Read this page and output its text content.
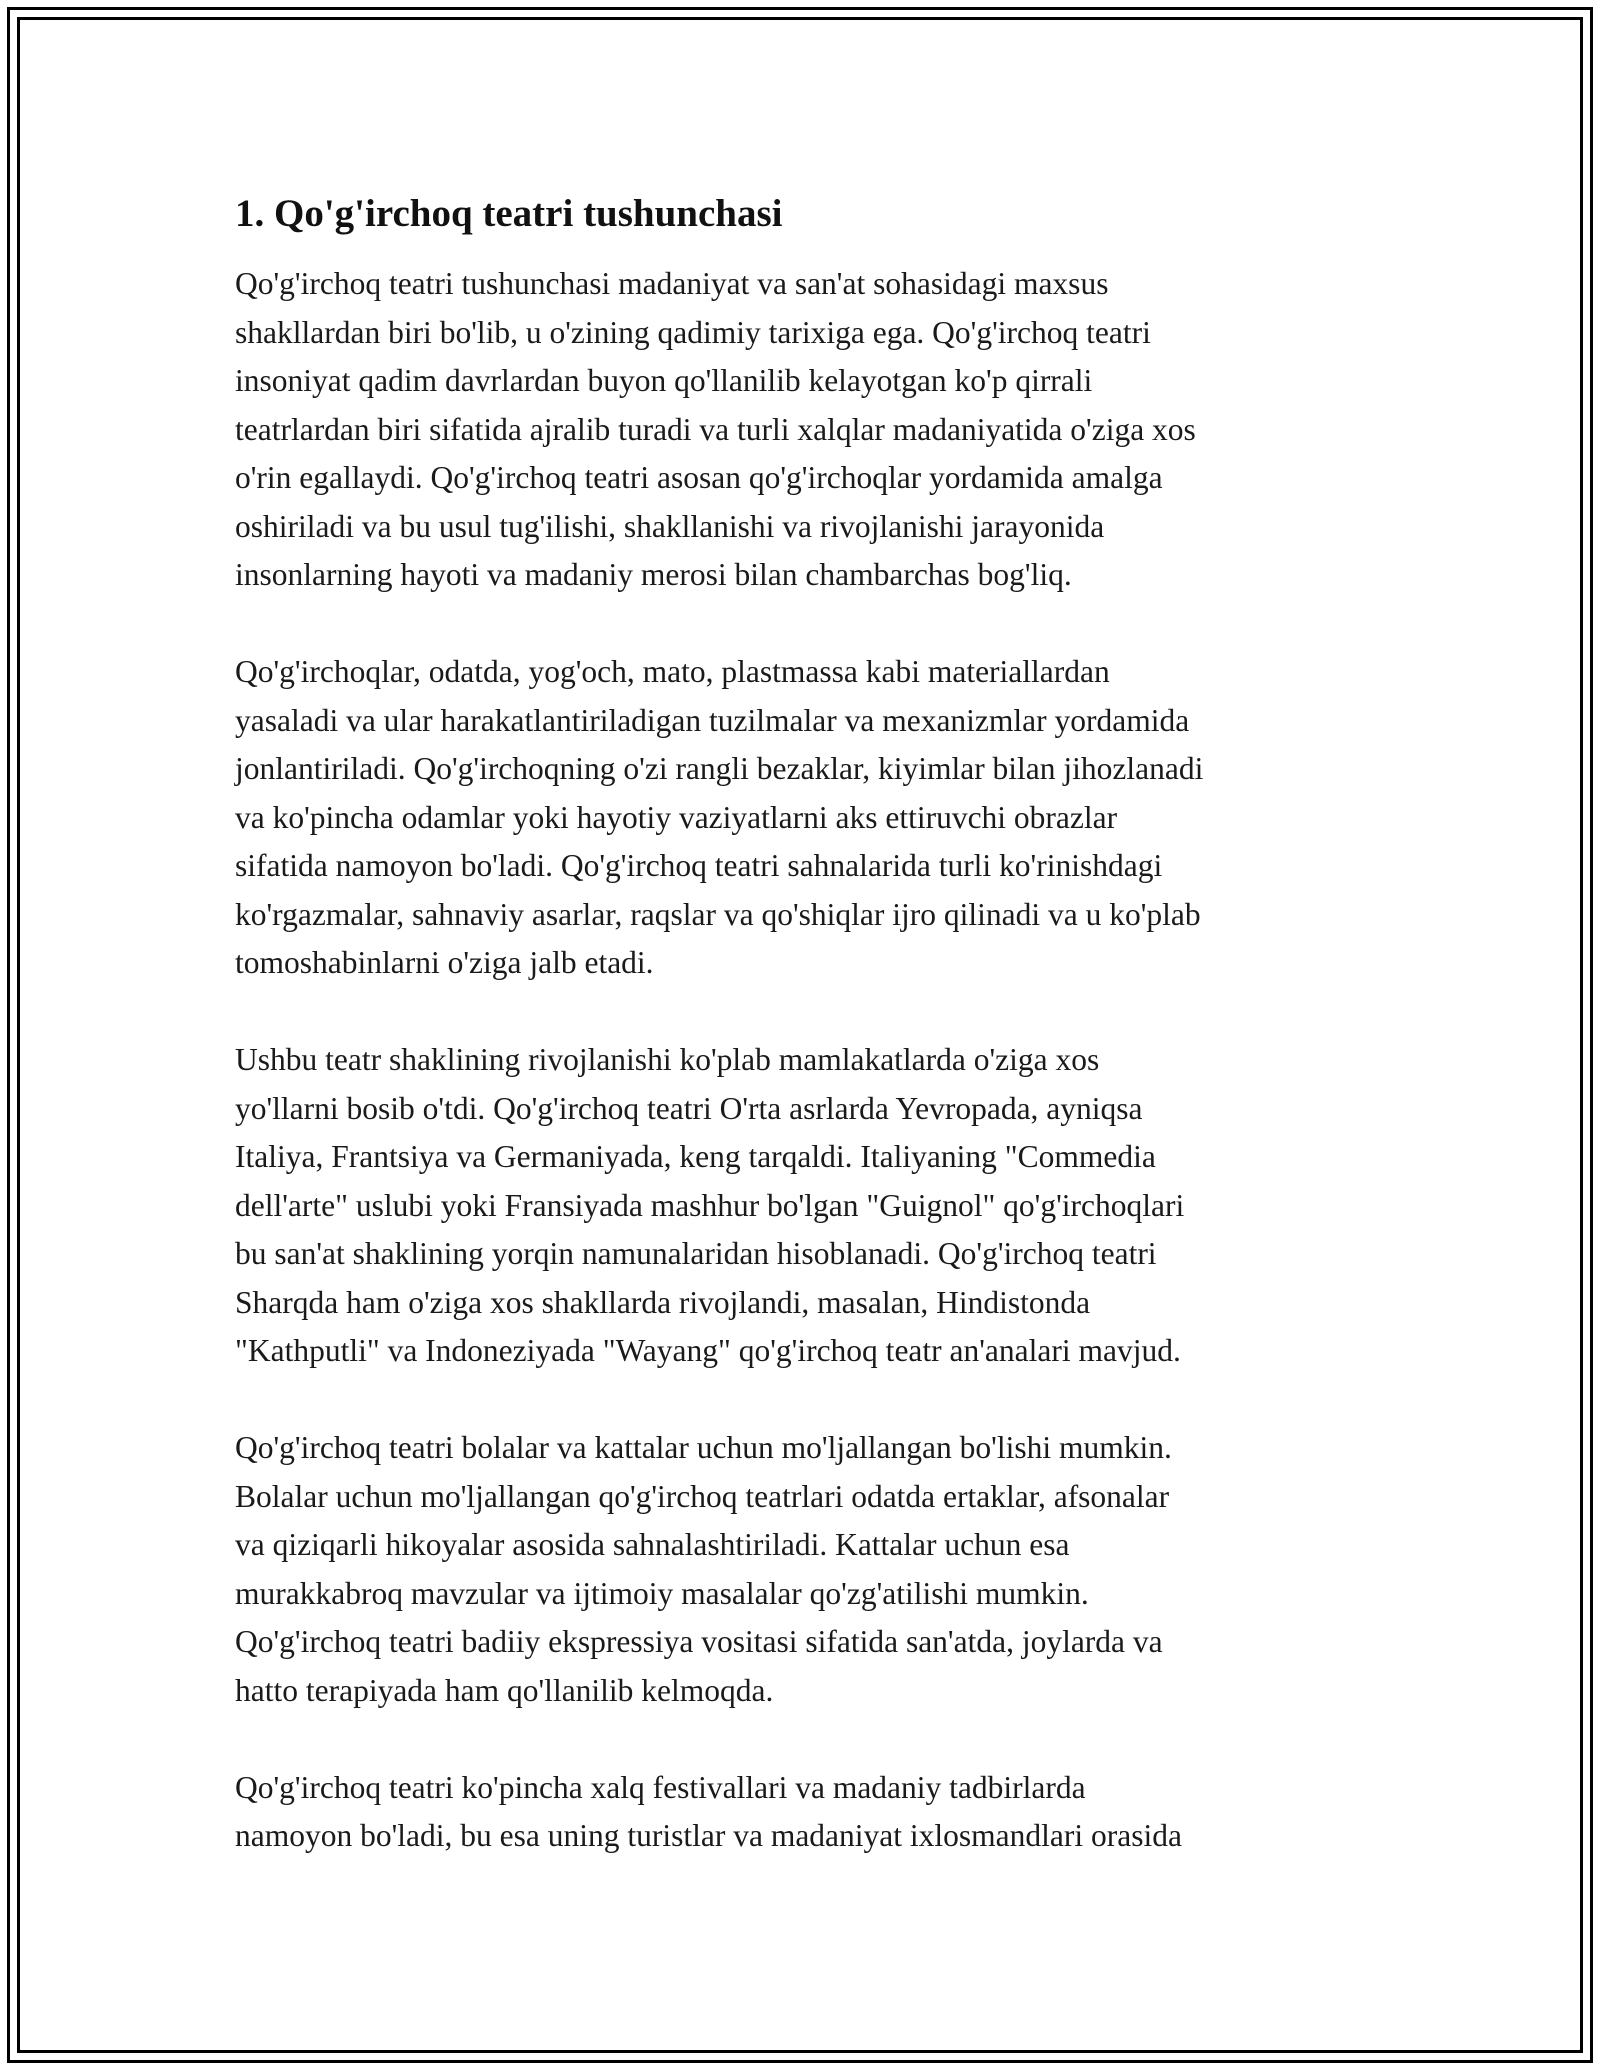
1. Qo'g'irchoq teatri tushunchasi

Qo'g'irchoq teatri tushunchasi madaniyat va san'at sohasidagi maxsus
shakllardan biri bo'lib, u o'zining qadimiy tarixiga ega. Qo'g'irchoq teatri
insoniyat qadim davrlardan buyon qo'llanilib kelayotgan ko'p qirrali
teatrlardan biri sifatida ajralib turadi va turli xalqlar madaniyatida o'ziga xos
o'rin egallaydi. Qo'g'irchoq teatri asosan qo'g'irchoqlar yordamida amalga
oshiriladi va bu usul tug'ilishi, shakllanishi va rivojlanishi jarayonida
insonlarning hayoti va madaniy merosi bilan chambarchas bog'liq.

Qo'g'irchoqlar, odatda, yog'och, mato, plastmassa kabi materiallardan
yasaladi va ular harakatlantiriladigan tuzilmalar va mexanizmlar yordamida
jonlantiriladi. Qo'g'irchoqning o'zi rangli bezaklar, kiyimlar bilan jihozlanadi
va ko'pincha odamlar yoki hayotiy vaziyatlarni aks ettiruvchi obrazlar
sifatida namoyon bo'ladi. Qo'g'irchoq teatri sahnalarida turli ko'rinishdagi
ko'rgazmalar, sahnaviy asarlar, raqslar va qo'shiqlar ijro qilinadi va u ko'plab
tomoshabinlarni o'ziga jalb etadi.

Ushbu teatr shaklining rivojlanishi ko'plab mamlakatlarda o'ziga xos
yo'llarni bosib o'tdi. Qo'g'irchoq teatri O'rta asrlarda Yevropada, ayniqsa
Italiya, Frantsiya va Germaniyada, keng tarqaldi. Italiyaning "Commedia
dell'arte" uslubi yoki Fransiyada mashhur bo'lgan "Guignol" qo'g'irchoqlari
bu san'at shaklining yorqin namunalaridan hisoblanadi. Qo'g'irchoq teatri
Sharqda ham o'ziga xos shakllarda rivojlandi, masalan, Hindistonda
"Kathputli" va Indoneziyada "Wayang" qo'g'irchoq teatr an'analari mavjud.

Qo'g'irchoq teatri bolalar va kattalar uchun mo'ljallangan bo'lishi mumkin.
Bolalar uchun mo'ljallangan qo'g'irchoq teatrlari odatda ertaklar, afsonalar
va qiziqarli hikoyalar asosida sahnalashtiriladi. Kattalar uchun esa
murakkabroq mavzular va ijtimoiy masalalar qo'zg'atilishi mumkin.
Qo'g'irchoq teatri badiiy ekspressiya vositasi sifatida san'atda, joylarda va
hatto terapiyada ham qo'llanilib kelmoqda.

Qo'g'irchoq teatri ko'pincha xalq festivallari va madaniy tadbirlarda
namoyon bo'ladi, bu esa uning turistlar va madaniyat ixlosmandlari orasida
